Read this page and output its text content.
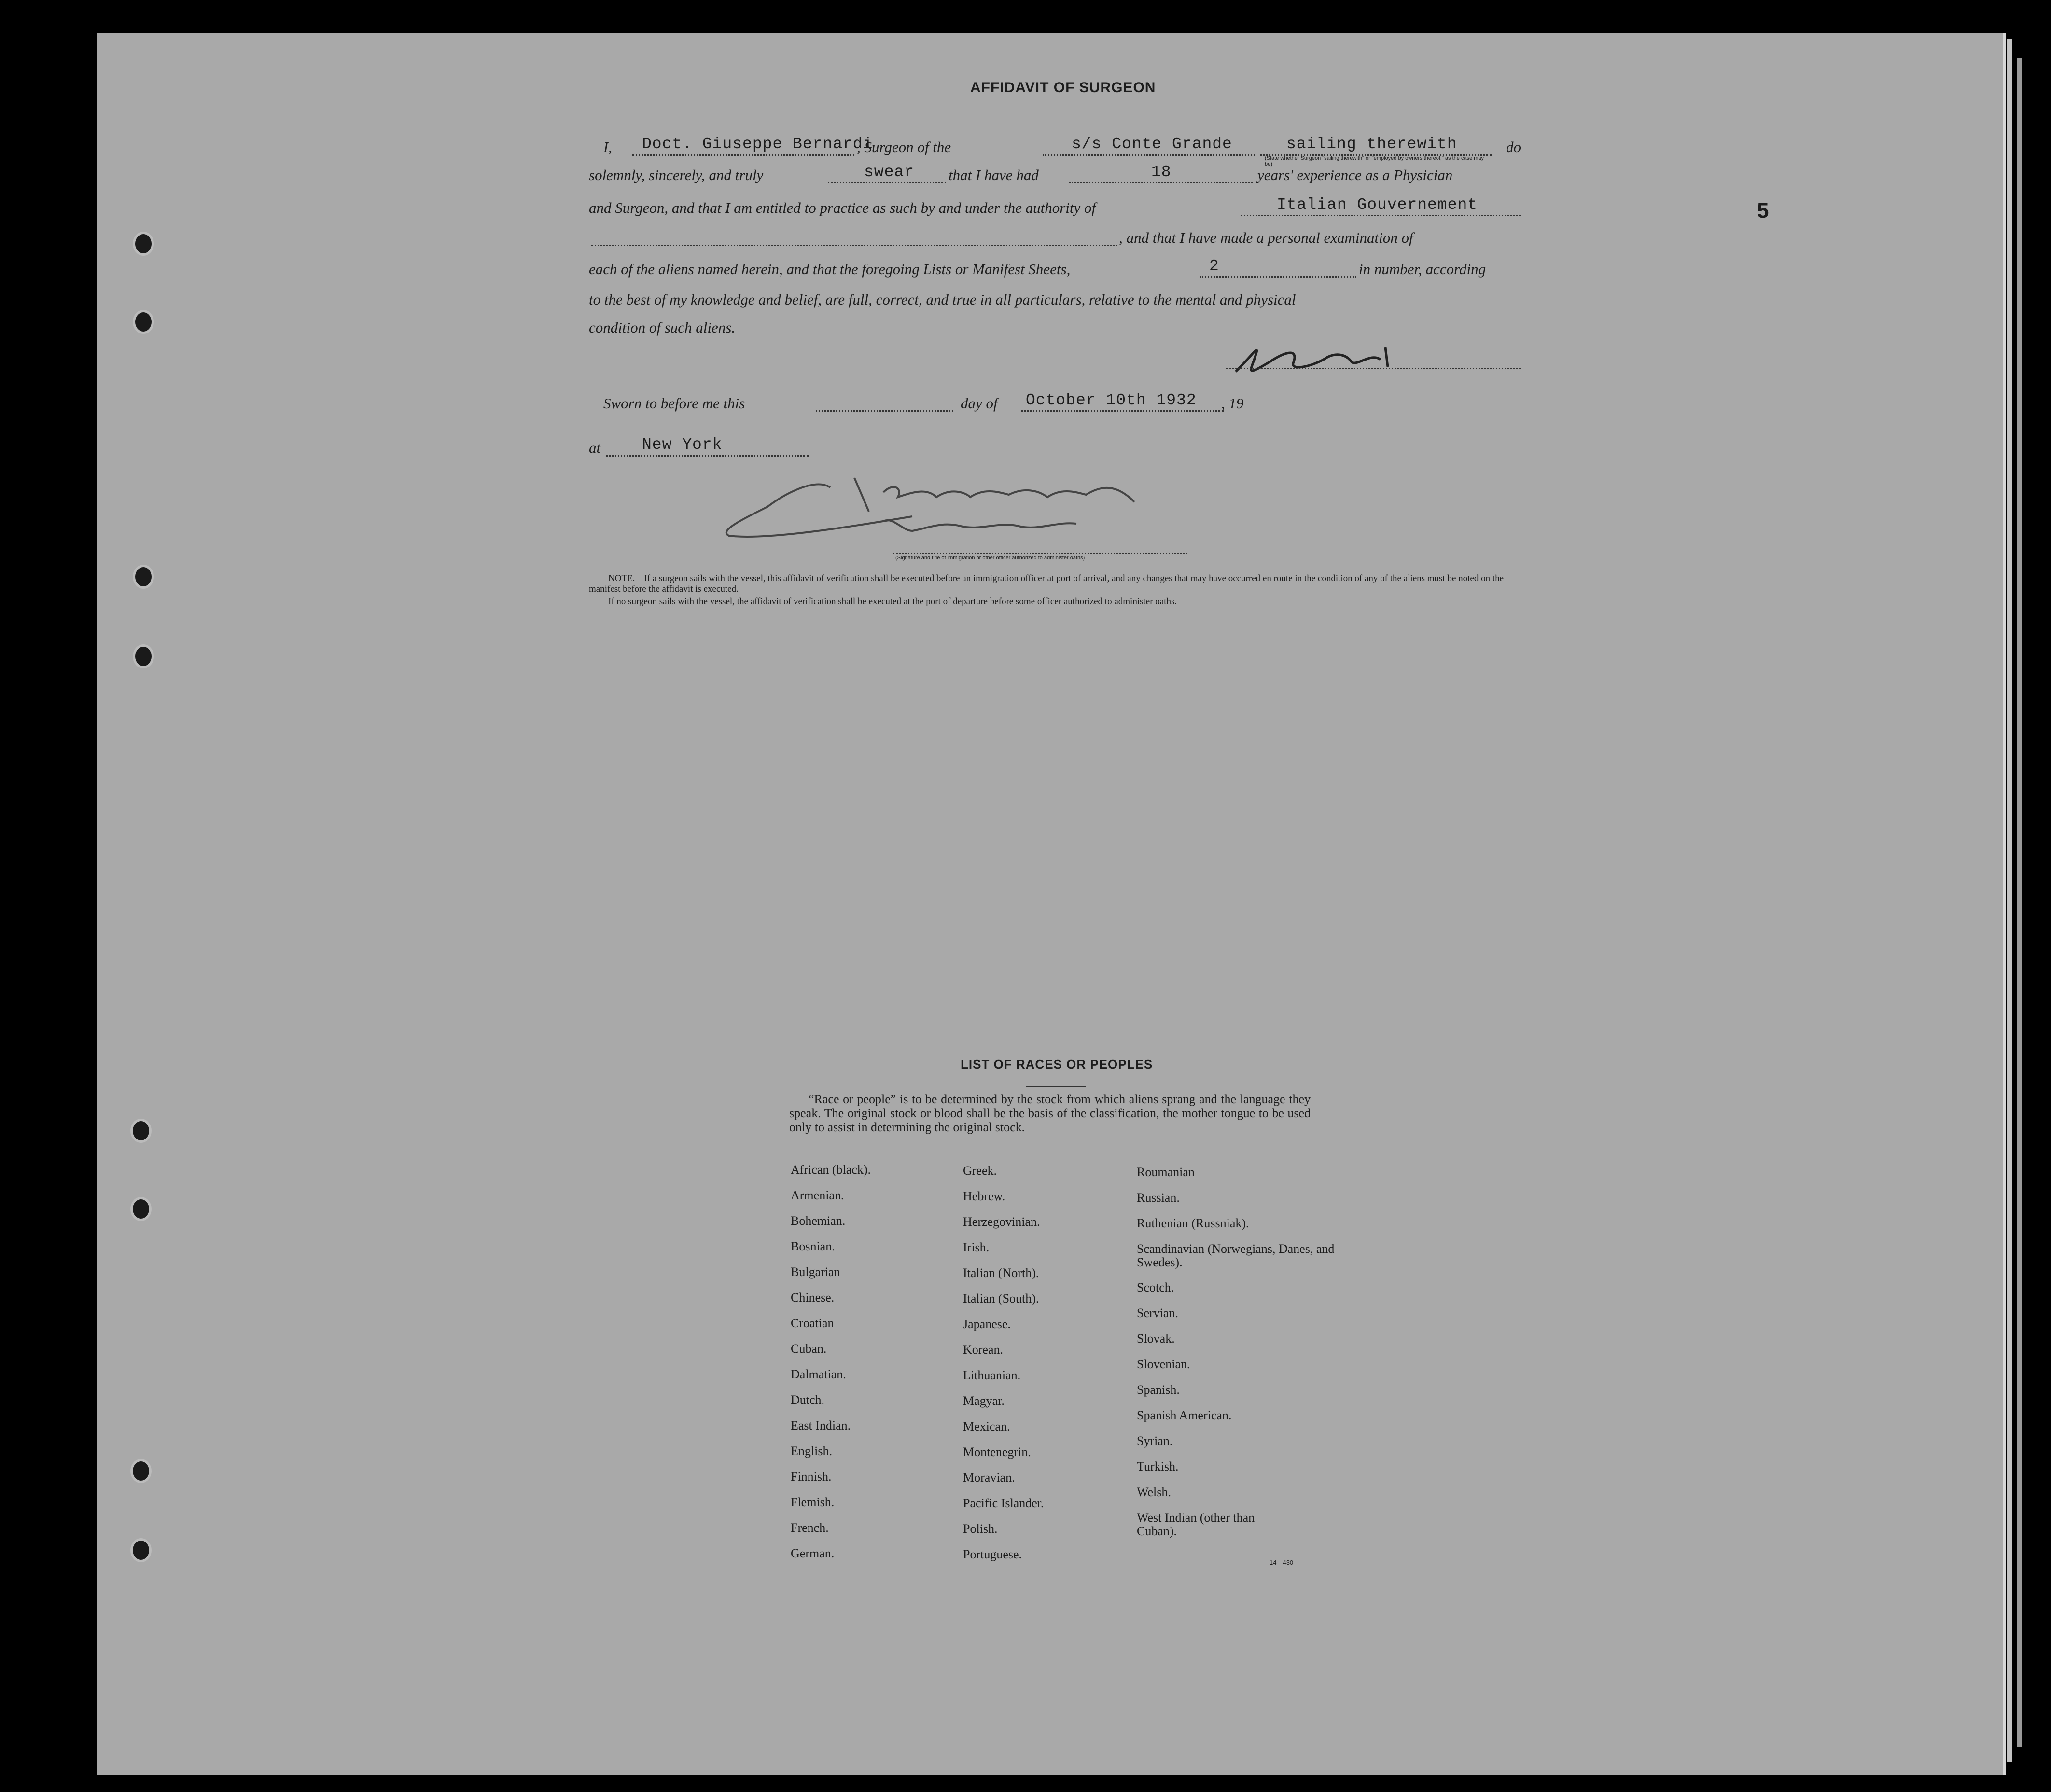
5
AFFIDAVIT OF SURGEON
I, Doct. Giuseppe Bernardi
, Surgeon of the	s/s Conte Grande	sailing therewith
(State whether Surgeon "sailing therewith" or "employed by owners thereof," as the case may be)
do
solemnly, sincerely, and truly	swear that I have had	18	years' experience as a Physician
and Surgeon, and that I am entitled to practice as such by and under the authority of	Italian Gouvernement
, and that I have made a personal examination of
each of the aliens named herein, and that the foregoing Lists or Manifest Sheets,	2	in number, according
to the best of my knowledge and belief, are full, correct, and true in all particulars, relative to the mental and physical
condition of such aliens.
Sworn to before me this	day of October 10th 1932 , 19
at	New York
(Signature and title of immigration or other officer authorized to administer oaths)
NOTE.—If a surgeon sails with the vessel, this affidavit of verification shall be executed before an immigration officer at port of arrival, and any changes that may have occurred en route in the condition of any of the aliens must be noted on the manifest before the affidavit is executed.
If no surgeon sails with the vessel, the affidavit of verification shall be executed at the port of departure before some officer authorized to administer oaths.
LIST OF RACES OR PEOPLES
“Race or people” is to be determined by the stock from which aliens sprang and the language they speak. The original stock or blood shall be the basis of the classification, the mother tongue to be used only to assist in determining the original stock.
African (black).
Armenian.
Bohemian.
Bosnian.
Bulgarian
Chinese.
Croatian
Cuban.
Dalmatian.
Dutch.
East Indian.
English.
Finnish.
Flemish.
French.
German.
Greek.
Hebrew.
Herzegovinian.
Irish.
Italian (North).
Italian (South).
Japanese.
Korean.
Lithuanian.
Magyar.
Mexican.
Montenegrin.
Moravian.
Pacific Islander.
Polish.
Portuguese.
Roumanian
Russian.
Ruthenian (Russniak).
Scandinavian (Norwegians, Danes, and Swedes).
Scotch.
Servian.
Slovak.
Slovenian.
Spanish.
Spanish American.
Syrian.
Turkish.
Welsh.
West Indian (other than Cuban).
14—430
